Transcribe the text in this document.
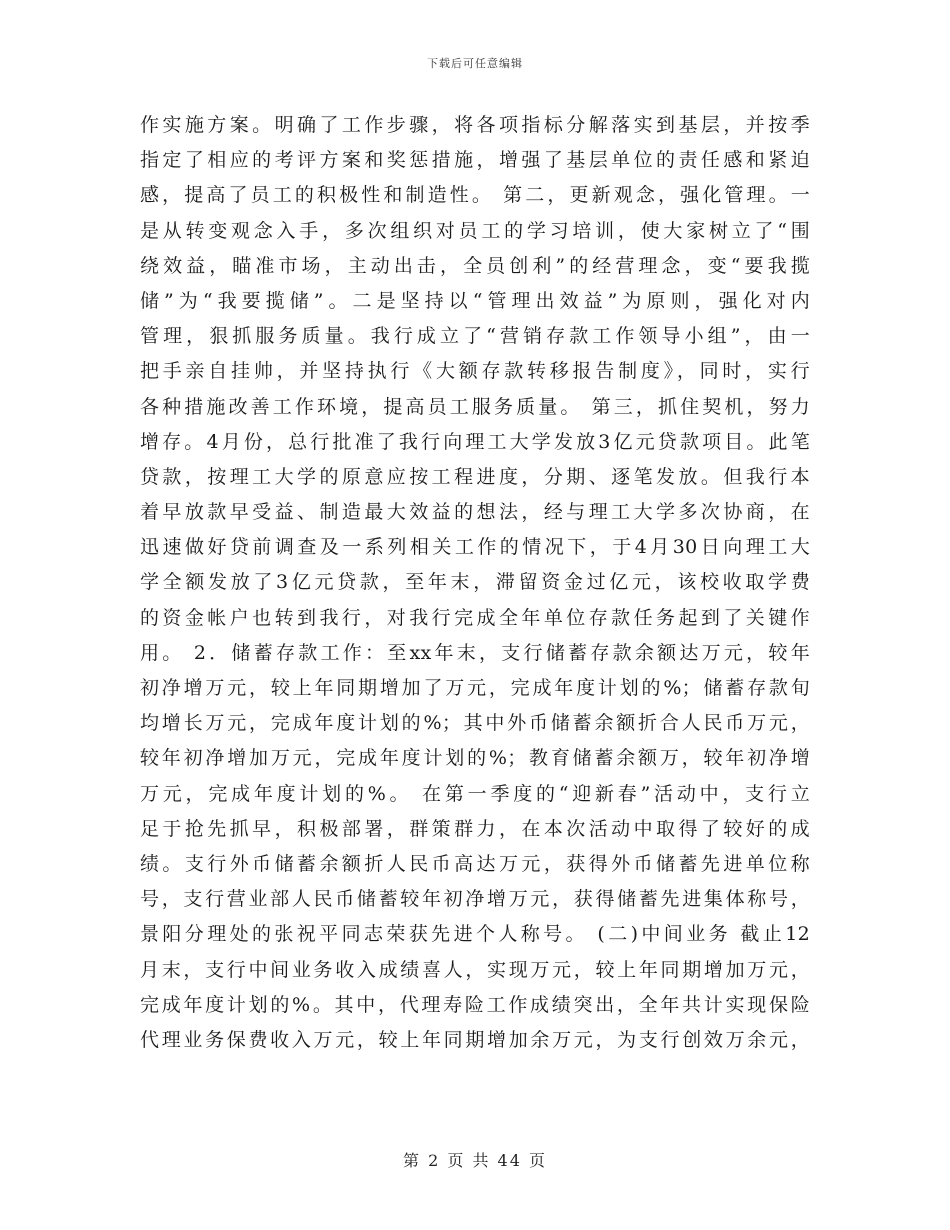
下载后可任意编辑
作实施方案。明确了工作步骤，将各项指标分解落实到基层，并按季
指定了相应的考评方案和奖惩措施，增强了基层单位的责任感和紧迫
感，提高了员工的积极性和制造性。 第二，更新观念，强化管理。一
是从转变观念入手，多次组织对员工的学习培训，使大家树立了“围
绕效益，瞄准市场，主动出击，全员创利”的经营理念，变“要我揽
储”为“我要揽储”。二是坚持以“管理出效益”为原则，强化对内
管理，狠抓服务质量。我行成立了“营销存款工作领导小组”，由一
把手亲自挂帅，并坚持执行《大额存款转移报告制度》，同时，实行
各种措施改善工作环境，提高员工服务质量。 第三，抓住契机，努力
增存。4月份，总行批准了我行向理工大学发放3亿元贷款项目。此笔
贷款，按理工大学的原意应按工程进度，分期、逐笔发放。但我行本
着早放款早受益、制造最大效益的想法，经与理工大学多次协商，在
迅速做好贷前调查及一系列相关工作的情况下，于4月30日向理工大
学全额发放了3亿元贷款，至年末，滞留资金过亿元，该校收取学费
的资金帐户也转到我行，对我行完成全年单位存款任务起到了关键作
用。 2．储蓄存款工作：至xx年末，支行储蓄存款余额达万元，较年
初净增万元，较上年同期增加了万元，完成年度计划的%；储蓄存款旬
均增长万元，完成年度计划的%；其中外币储蓄余额折合人民币万元，
较年初净增加万元，完成年度计划的%；教育储蓄余额万，较年初净增
万元，完成年度计划的%。 在第一季度的“迎新春”活动中，支行立
足于抢先抓早，积极部署，群策群力，在本次活动中取得了较好的成
绩。支行外币储蓄余额折人民币高达万元，获得外币储蓄先进单位称
号，支行营业部人民币储蓄较年初净增万元，获得储蓄先进集体称号，
景阳分理处的张祝平同志荣获先进个人称号。 (二)中间业务 截止12
月末，支行中间业务收入成绩喜人，实现万元，较上年同期增加万元，
完成年度计划的%。其中，代理寿险工作成绩突出，全年共计实现保险
代理业务保费收入万元，较上年同期增加余万元，为支行创效万余元，
第 2 页 共 44 页
